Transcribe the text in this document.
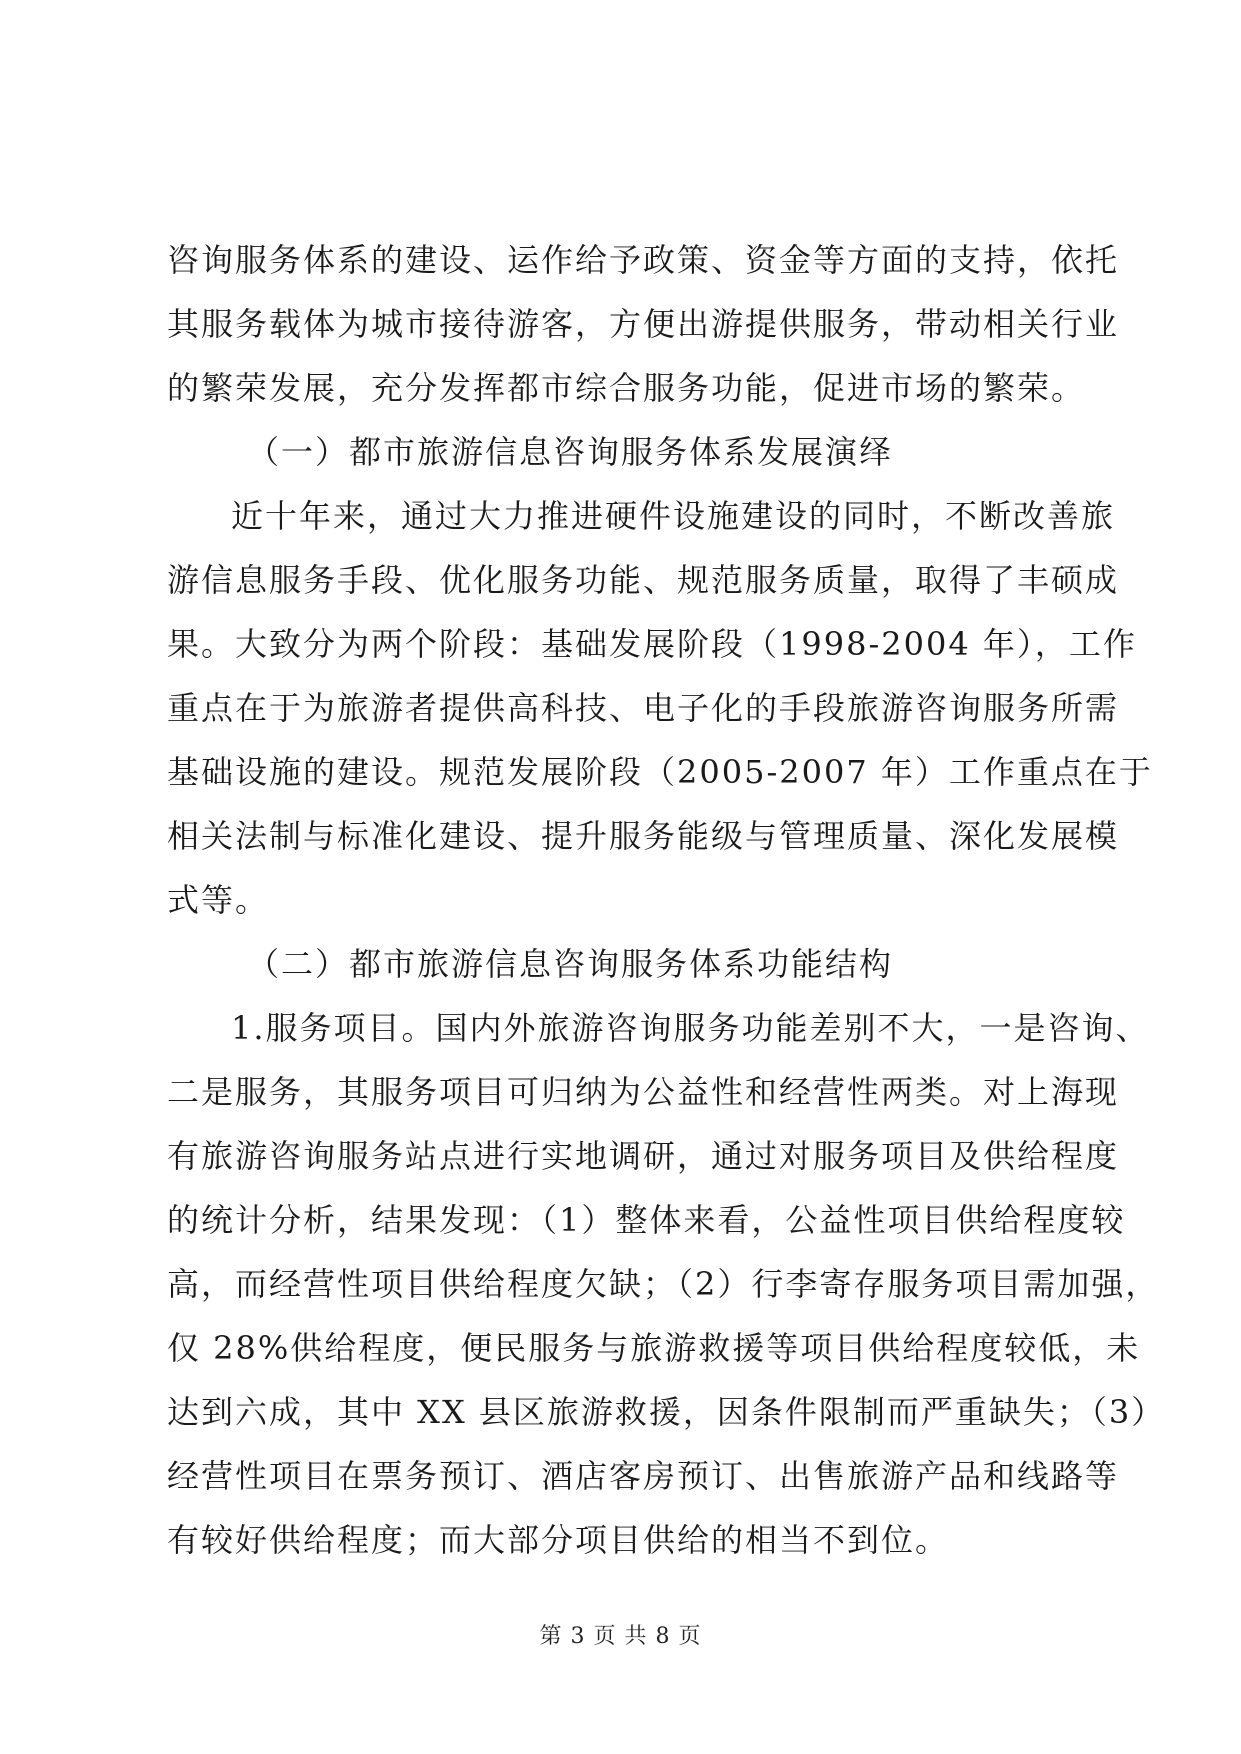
咨询服务体系的建设、运作给予政策、资金等方面的支持，依托
其服务载体为城市接待游客，方便出游提供服务，带动相关行业
的繁荣发展，充分发挥都市综合服务功能，促进市场的繁荣。
（一）都市旅游信息咨询服务体系发展演绎
近十年来，通过大力推进硬件设施建设的同时，不断改善旅
游信息服务手段、优化服务功能、规范服务质量，取得了丰硕成
果。大致分为两个阶段：基础发展阶段（1998-2004 年），工作
重点在于为旅游者提供高科技、电子化的手段旅游咨询服务所需
基础设施的建设。规范发展阶段（2005-2007 年）工作重点在于
相关法制与标准化建设、提升服务能级与管理质量、深化发展模
式等。
（二）都市旅游信息咨询服务体系功能结构
1.服务项目。国内外旅游咨询服务功能差别不大，一是咨询、
二是服务，其服务项目可归纳为公益性和经营性两类。对上海现
有旅游咨询服务站点进行实地调研，通过对服务项目及供给程度
的统计分析，结果发现：（1）整体来看，公益性项目供给程度较
高，而经营性项目供给程度欠缺；（2）行李寄存服务项目需加强，
仅 28%供给程度，便民服务与旅游救援等项目供给程度较低，未
达到六成，其中 XX 县区旅游救援，因条件限制而严重缺失；（3）
经营性项目在票务预订、酒店客房预订、出售旅游产品和线路等
有较好供给程度；而大部分项目供给的相当不到位。
第 3 页 共 8 页
